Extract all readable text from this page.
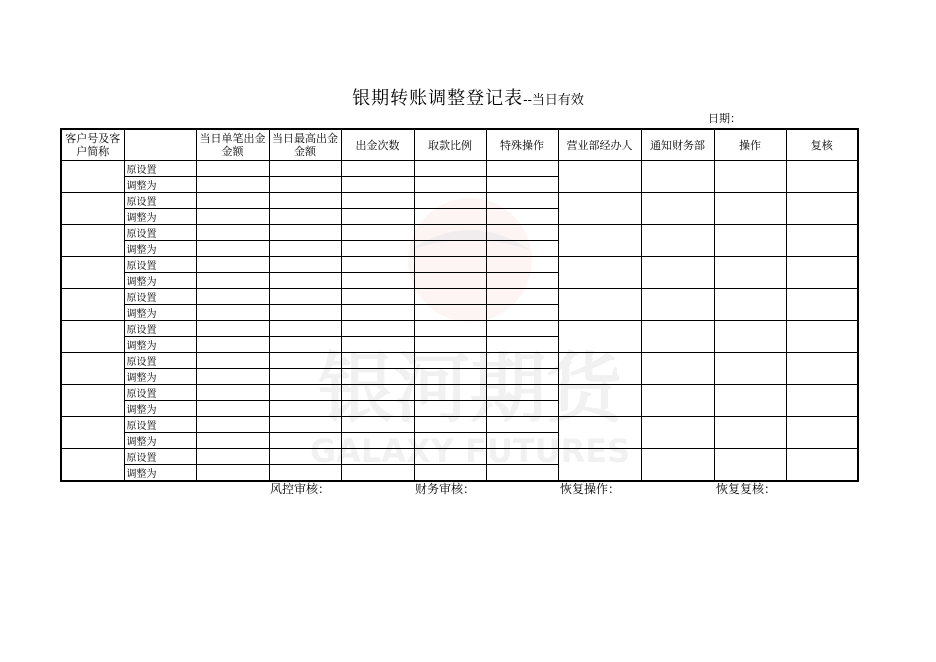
银期转账调整登记表--当日有效
日期：
银河期货
GALAXY FUTURES
客户号及客户简称		当日单笔出金金额	当日最高出金金额	出金次数	取款比例	特殊操作	营业部经办人	通知财务部	操作	复核
	原设置									
	调整为									
	原设置									
	调整为									
	原设置									
	调整为									
	原设置									
	调整为									
	原设置									
	调整为									
	原设置									
	调整为									
	原设置									
	调整为									
	原设置									
	调整为									
	原设置									
	调整为									
	原设置									
	调整为									
风控审核：	财务审核：	恢复操作：	恢复复核：
